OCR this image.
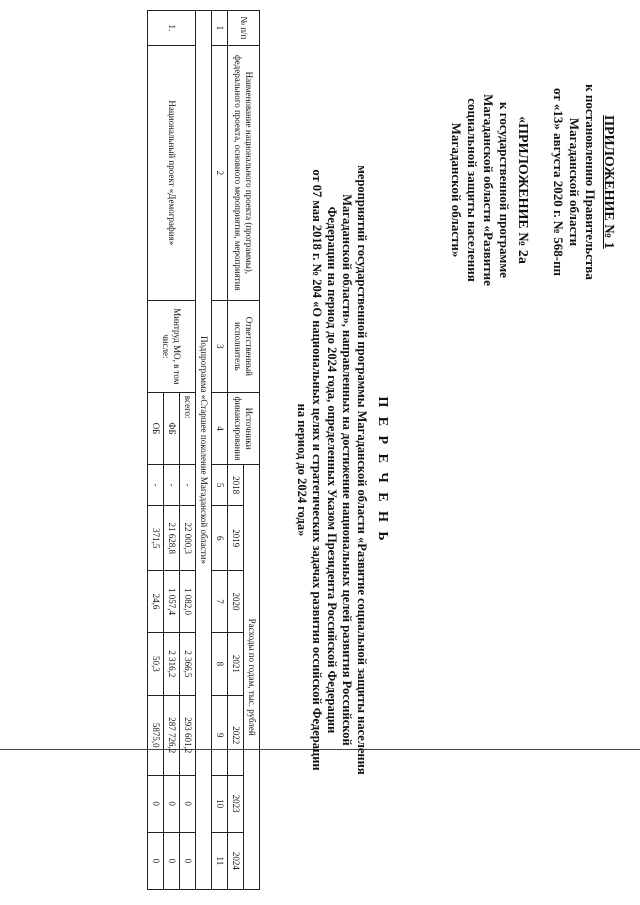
ПРИЛОЖЕНИЕ № 1
к постановлению Правительства
Магаданской области
от «13» августа 2020 г. № 568-пп
«ПРИЛОЖЕНИЕ № 2а
к государственной программе
Магаданской области «Развитие
социальной защиты населения
Магаданской области»
П Е Р Е Ч Е Н Ь
мероприятий государственной программы Магаданской области «Развитие социальной защиты населения
Магаданской области», направленных на достижение национальных целей развития Российской
Федерации на период до 2024 года, определенных Указом Президента Российской Федерации
от 07 мая 2018 г. № 204 «О национальных целях и стратегических задачах развития оссийской Федерации
на период до 2024 года»
№ п/п	Наименование национального проекта (программы), федерального проекта, основного мероприятия, мероприятия	Ответственный исполнитель	Источники финансирования	Расходы по годам, тыс. рублей						
				2018	2019	2020	2021	2022	2023	2024
1	2	3	4	5	6	7	8	9	10	11
Подпрограмма «Старшее поколение Магаданской области»										
1.	Национальный проект «Демография»	Минтруд МО, в том числе:	всего:	-	22 000,3	1 082,0	2 366,5	293 601,2	0	0
			ФБ	-	21 628,8	1 057,4	2 316,2	287 726,2	0	0
			ОБ	-	371,5	24,6	50,3	5875,0	0	0
